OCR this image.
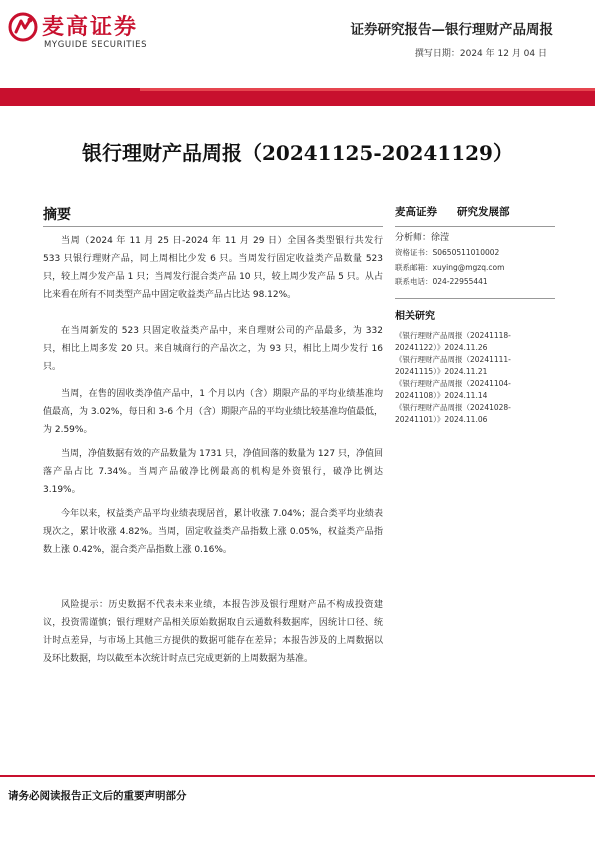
麦高证券
MYGUIDE SECURITIES
证券研究报告—银行理财产品周报
撰写日期：2024 年 12 月 04 日
银行理财产品周报（20241125-20241129）
摘要

当周（2024 年 11 月 25 日-2024 年 11 月 29 日）全国各类型银行共发行 533 只银行理财产品，同上周相比少发 6 只。当周发行固定收益类产品数量 523 只，较上周少发产品 1 只；当周发行混合类产品 10 只，较上周少发产品 5 只。从占比来看在所有不同类型产品中固定收益类产品占比达 98.12%。

在当周新发的 523 只固定收益类产品中，来自理财公司的产品最多，为 332 只，相比上周多发 20 只。来自城商行的产品次之，为 93 只，相比上周少发行 16 只。

当周，在售的固收类净值产品中，1 个月以内（含）期限产品的平均业绩基准均值最高，为 3.02%，每日和 3-6 个月（含）期限产品的平均业绩比较基准均值最低，为 2.59%。

当周，净值数据有效的产品数量为 1731 只，净值回落的数量为 127 只，净值回落产品占比 7.34%。当周产品破净比例最高的机构是外资银行，破净比例达 3.19%。

今年以来，权益类产品平均业绩表现居首，累计收涨 7.04%；混合类平均业绩表现次之，累计收涨 4.82%。当周，固定收益类产品指数上涨 0.05%，权益类产品指数上涨 0.42%，混合类产品指数上涨 0.16%。

风险提示：历史数据不代表未来业绩，本报告涉及银行理财产品不构成投资建议，投资需谨慎；银行理财产品相关原始数据取自云通数科数据库，因统计口径、统计时点差异，与市场上其他三方提供的数据可能存在差异；本报告涉及的上周数据以及环比数据，均以截至本次统计时点已完成更新的上周数据为基准。

麦高证券 研究发展部
分析师：徐滢
资格证书：S0650511010002
联系邮箱：xuying@mgzq.com
联系电话：024-22955441
相关研究

《银行理财产品周报（20241118-20241122）》2024.11.26

《银行理财产品周报（20241111-20241115）》2024.11.21

《银行理财产品周报（20241104-20241108）》2024.11.14

《银行理财产品周报（20241028-20241101）》2024.11.06

请务必阅读报告正文后的重要声明部分
